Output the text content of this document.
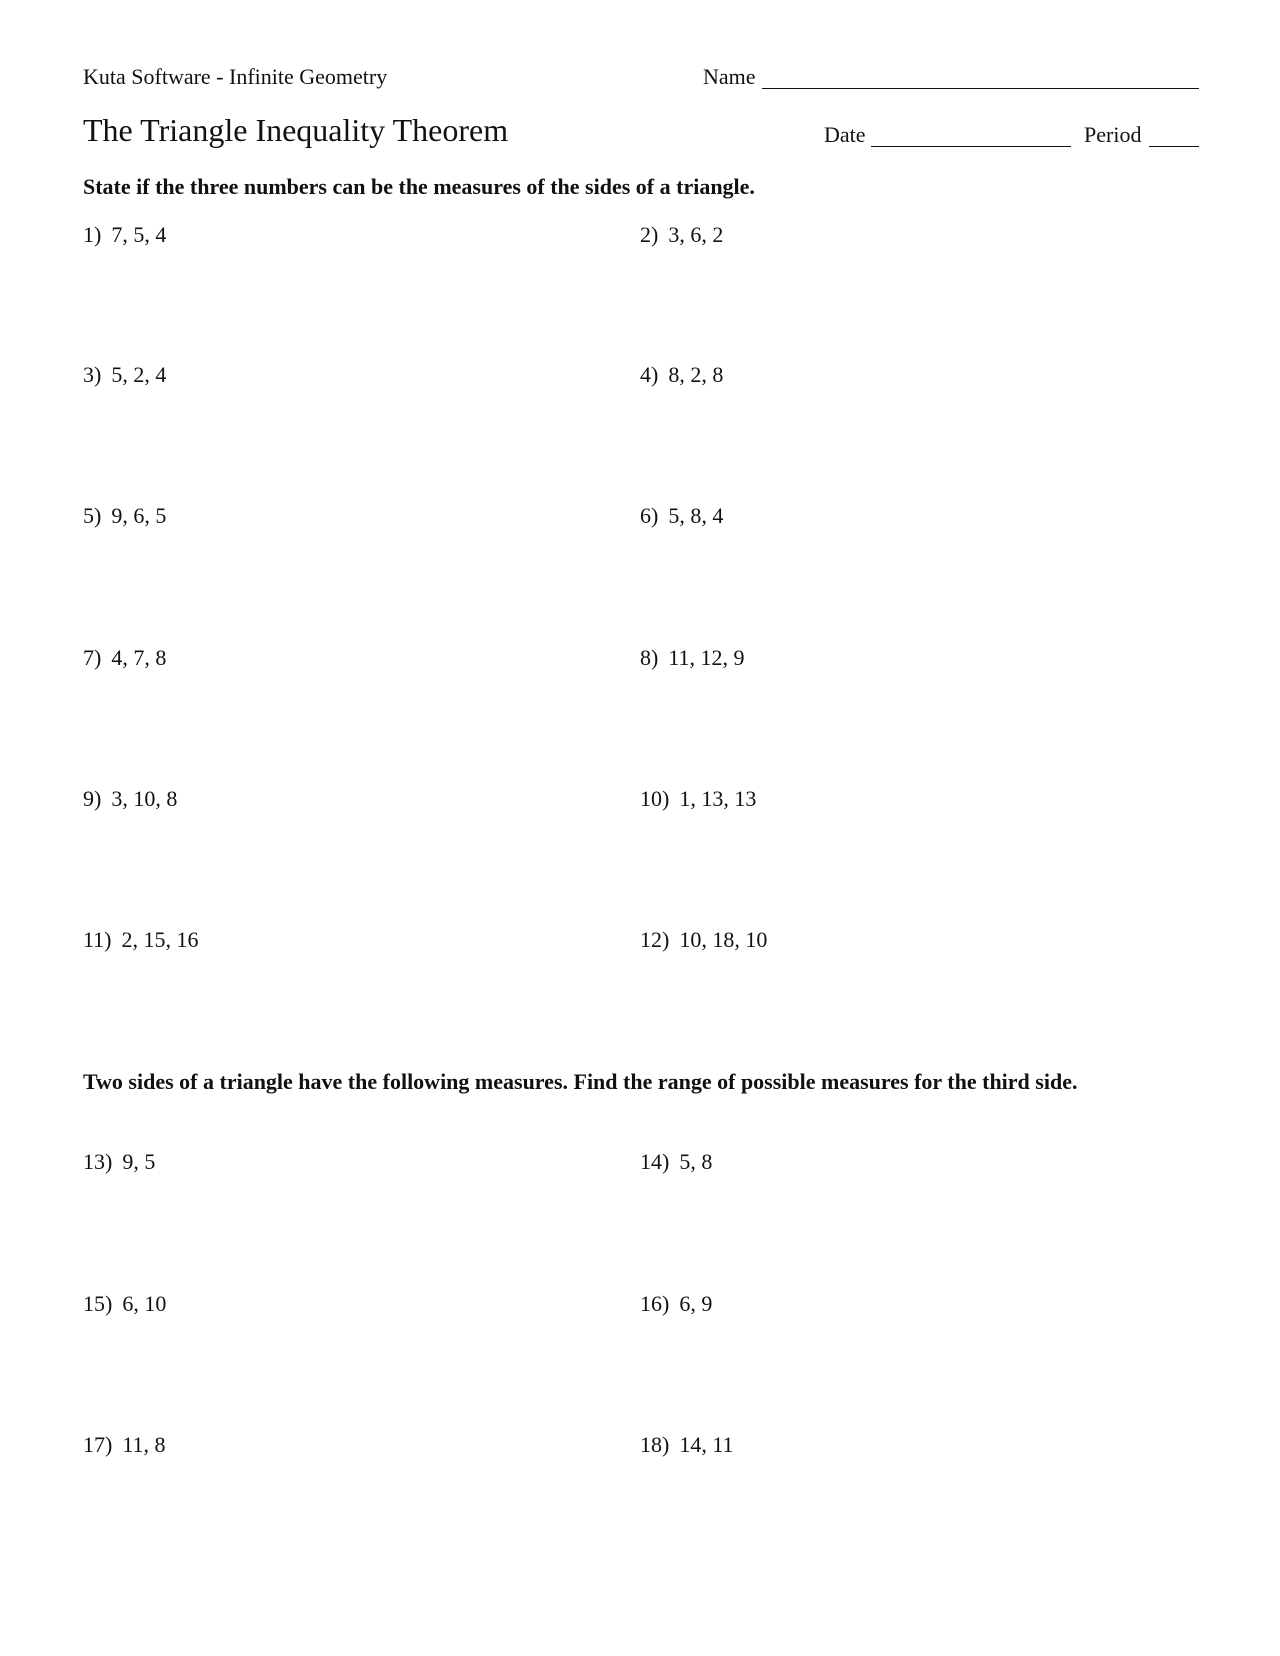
Kuta Software - Infinite Geometry	Name
The Triangle Inequality Theorem	Date	Period
State if the three numbers can be the measures of the sides of a triangle.
1) 7, 5, 4	2) 3, 6, 2
3) 5, 2, 4	4) 8, 2, 8
5) 9, 6, 5	6) 5, 8, 4
7) 4, 7, 8	8) 11, 12, 9
9) 3, 10, 8	10) 1, 13, 13
11) 2, 15, 16	12) 10, 18, 10
Two sides of a triangle have the following measures. Find the range of possible measures for the third side.
13) 9, 5	14) 5, 8
15) 6, 10	16) 6, 9
17) 11, 8	18) 14, 11
